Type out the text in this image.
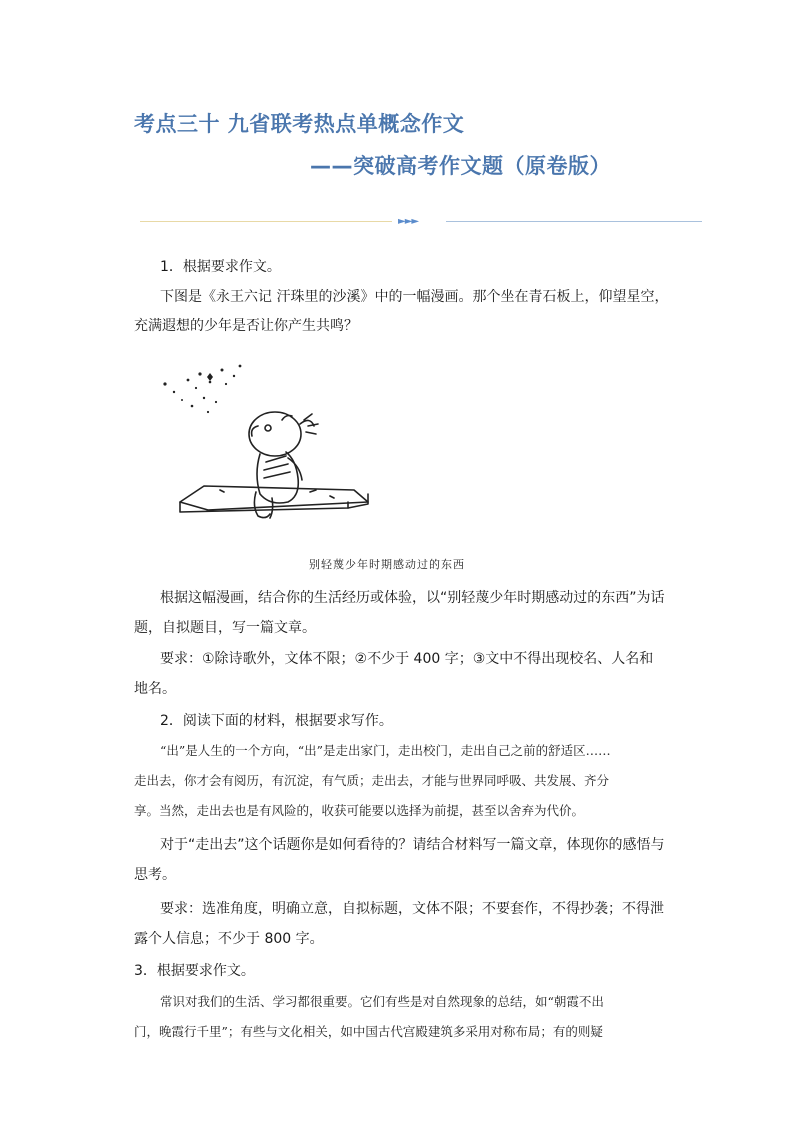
考点三十 九省联考热点单概念作文
——突破高考作文题（原卷版）
►►►

1．根据要求作文。

下图是《永王六记 汗珠里的沙溪》中的一幅漫画。那个坐在青石板上，仰望星空，

充满遐想的少年是否让你产生共鸣？

别轻蔑少年时期感动过的东西

根据这幅漫画，结合你的生活经历或体验，以“别轻蔑少年时期感动过的东西”为话

题，自拟题目，写一篇文章。

要求：①除诗歌外，文体不限；②不少于 400 字；③文中不得出现校名、人名和

地名。

2．阅读下面的材料，根据要求写作。

“出”是人生的一个方向，“出”是走出家门，走出校门，走出自己之前的舒适区……

走出去，你才会有阅历，有沉淀，有气质；走出去，才能与世界同呼吸、共发展、齐分

享。当然，走出去也是有风险的，收获可能要以选择为前提，甚至以舍弃为代价。

对于“走出去”这个话题你是如何看待的？请结合材料写一篇文章，体现你的感悟与

思考。

要求：选准角度，明确立意，自拟标题，文体不限；不要套作，不得抄袭；不得泄

露个人信息；不少于 800 字。

3．根据要求作文。

常识对我们的生活、学习都很重要。它们有些是对自然现象的总结，如“朝霞不出

门，晚霞行千里”；有些与文化相关，如中国古代宫殿建筑多采用对称布局；有的则疑
